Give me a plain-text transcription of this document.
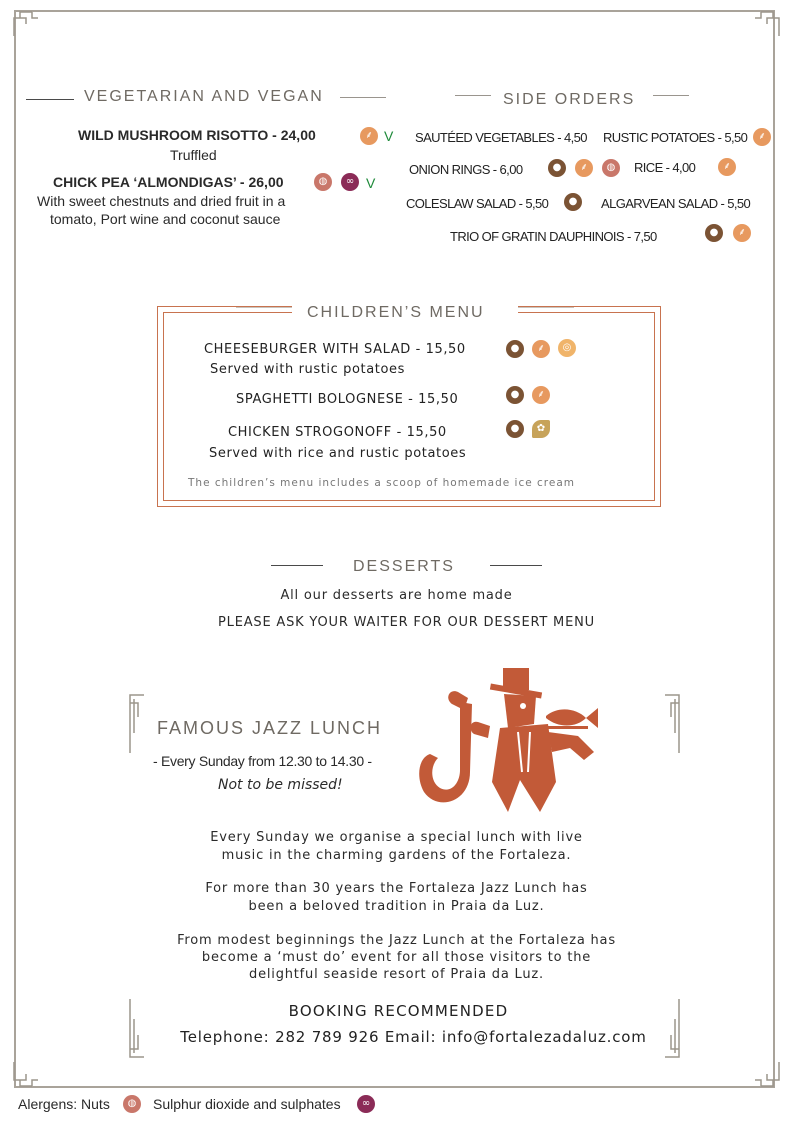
VEGETARIAN AND VEGAN
WILD MUSHROOM RISOTTO - 24,00
Truffled
⸙ V
CHICK PEA ‘ALMONDIGAS’ - 26,00
With sweet chestnuts and dried fruit in a
tomato, Port wine and coconut sauce
◍	∞ V
SIDE ORDERS
SAUTÉED VEGETABLES - 4,50 RUSTIC POTATOES - 5,50	⸙
ONION RINGS - 6,00	●	⸙	◍	RICE - 4,00	⸙
COLESLAW SALAD - 5,50	●	ALGARVEAN SALAD - 5,50
TRIO OF GRATIN DAUPHINOIS - 7,50	●	⸙
CHILDREN’S MENU
CHEESEBURGER WITH SALAD - 15,50	●	⸙	◎
Served with rustic potatoes
SPAGHETTI BOLOGNESE - 15,50	●	⸙
CHICKEN STROGONOFF - 15,50	●	✿
Served with rice and rustic potatoes
The children’s menu includes a scoop of homemade ice cream
DESSERTS
All our desserts are home made
PLEASE ASK YOUR WAITER FOR OUR DESSERT MENU
FAMOUS JAZZ LUNCH
- Every Sunday from 12.30 to 14.30 -
Not to be missed!
Every Sunday we organise a special lunch with live
music in the charming gardens of the Fortaleza.
For more than 30 years the Fortaleza Jazz Lunch has
been a beloved tradition in Praia da Luz.
From modest beginnings the Jazz Lunch at the Fortaleza has
become a ‘must do’ event for all those visitors to the
delightful seaside resort of Praia da Luz.
BOOKING RECOMMENDED
Telephone: 282 789 926 Email: info@fortalezadaluz.com
Alergens: Nuts	◍	Sulphur dioxide and sulphates	∞
